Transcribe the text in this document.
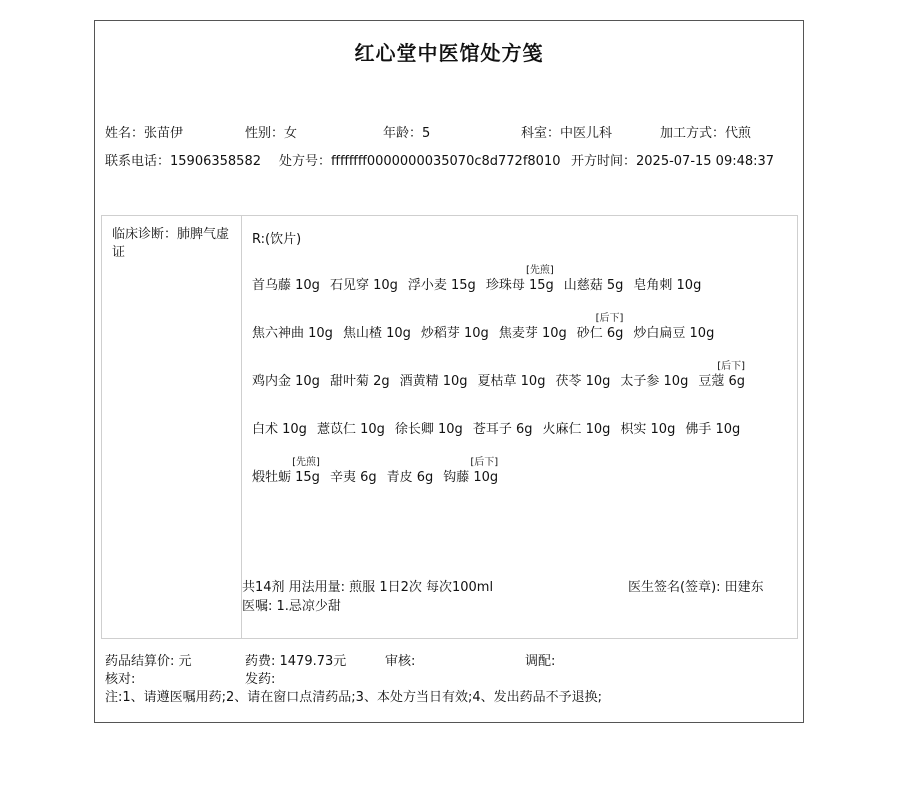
红心堂中医馆处方笺
姓名：张苗伊	性别：女	年龄：5	科室：中医儿科	加工方式：代煎
联系电话：15906358582 处方号：ffffffff0000000035070c8d772f8010 开方时间：2025-07-15 09:48:37
临床诊断：肺脾气虚证
R:(饮片)
首乌藤 10g 石见穿 10g 浮小麦 15g 珍珠母 15g
[先煎]
山慈菇 5g 皂角刺 10g
焦六神曲 10g 焦山楂 10g 炒稻芽 10g 焦麦芽 10g 砂仁 6g
[后下]
炒白扁豆 10g
鸡内金 10g 甜叶菊 2g 酒黄精 10g 夏枯草 10g 茯苓 10g 太子参 10g 豆蔻 6g
[后下]
白术 10g 薏苡仁 10g 徐长卿 10g 苍耳子 6g 火麻仁 10g 枳实 10g 佛手 10g
煅牡蛎 15g
[先煎]
辛夷 6g 青皮 6g 钩藤 10g
[后下]
共14剂 用法用量: 煎服 1日2次 每次100ml
医嘱: 1.忌凉少甜
医生签名(签章): 田建东
药品结算价: 元	药费: 1479.73元	审核:	调配:
核对:	发药:
注:1、请遵医嘱用药;2、请在窗口点清药品;3、本处方当日有效;4、发出药品不予退换;
